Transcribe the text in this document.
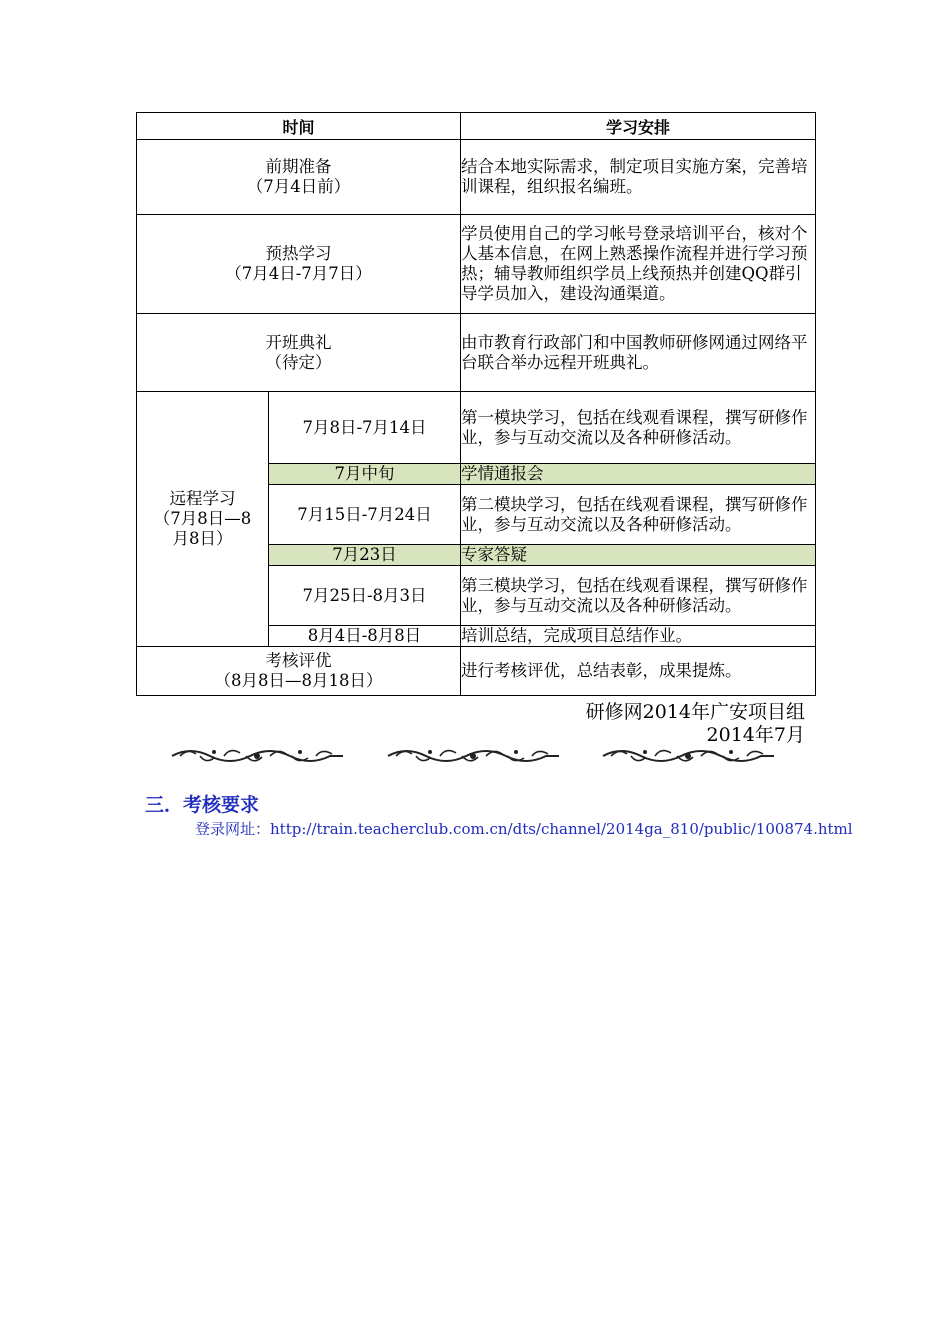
时间		学习安排

前期准备
（7月4日前）		结合本地实际需求，制定项目实施方案，完善培训课程，组织报名编班。

预热学习
（7月4日-7月7日）		学员使用自己的学习帐号登录培训平台，核对个人基本信息，在网上熟悉操作流程并进行学习预热；辅导教师组织学员上线预热并创建QQ群引导学员加入，建设沟通渠道。

开班典礼
（待定）		由市教育行政部门和中国教师研修网通过网络平台联合举办远程开班典礼。

远程学习
（7月8日—8
月8日）	7月8日-7月14日	第一模块学习，包括在线观看课程，撰写研修作业，参与互动交流以及各种研修活动。
	7月中旬	学情通报会
	7月15日-7月24日	第二模块学习，包括在线观看课程，撰写研修作业，参与互动交流以及各种研修活动。
	7月23日	专家答疑
	7月25日-8月3日	第三模块学习，包括在线观看课程，撰写研修作业，参与互动交流以及各种研修活动。
	8月4日-8月8日	培训总结，完成项目总结作业。

考核评优
（8月8日—8月18日）		进行考核评优，总结表彰，成果提炼。
研修网2014年广安项目组
2014年7月
三．考核要求
登录网址：http://train.teacherclub.com.cn/dts/channel/2014ga_810/public/100874.html
